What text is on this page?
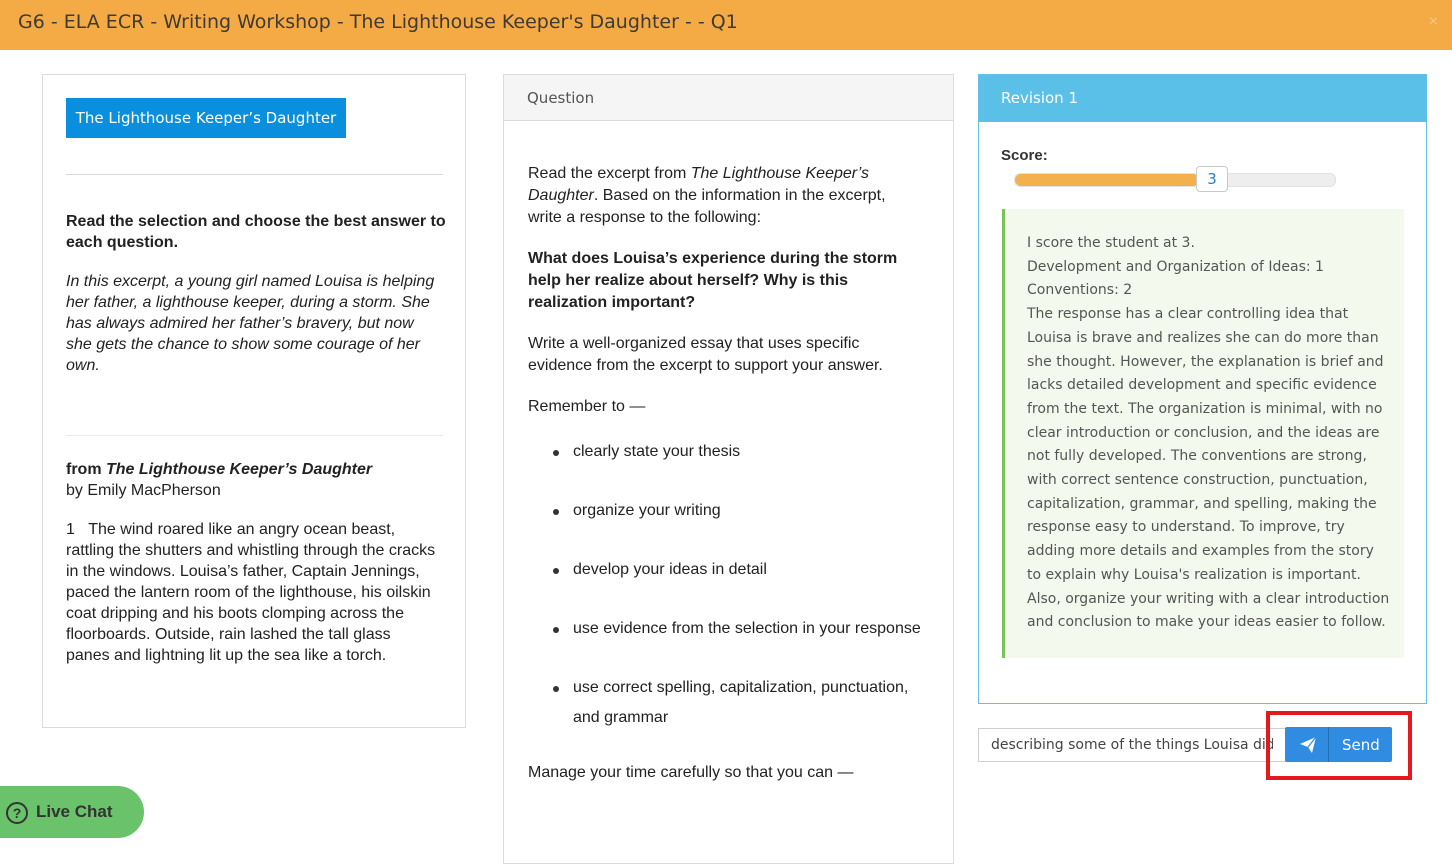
G6 - ELA ECR - Writing Workshop - The Lighthouse Keeper's Daughter - - Q1	×
The Lighthouse Keeper’s Daughter
Read the selection and choose the best answer to each question.
In this excerpt, a young girl named Louisa is helping her father, a lighthouse keeper, during a storm. She has always admired her father’s bravery, but now she gets the chance to show some courage of her own.
from The Lighthouse Keeper’s Daughter
by Emily MacPherson
1 The wind roared like an angry ocean beast, rattling the shutters and whistling through the cracks in the windows. Louisa’s father, Captain Jennings, paced the lantern room of the lighthouse, his oilskin coat dripping and his boots clomping across the floorboards. Outside, rain lashed the tall glass panes and lightning lit up the sea like a torch.
Question

Read the excerpt from The Lighthouse Keeper’s Daughter. Based on the information in the excerpt, write a response to the following:

What does Louisa’s experience during the storm help her realize about herself? Why is this realization important?

Write a well-organized essay that uses specific evidence from the excerpt to support your answer.

Remember to —

clearly state your thesis
organize your writing
develop your ideas in detail
use evidence from the selection in your response
use correct spelling, capitalization, punctuation, and grammar

Manage your time carefully so that you can —

Revision 1
Score:
3
I score the student at 3.
Development and Organization of Ideas: 1
Conventions: 2
The response has a clear controlling idea that
Louisa is brave and realizes she can do more than
she thought. However, the explanation is brief and
lacks detailed development and specific evidence
from the text. The organization is minimal, with no
clear introduction or conclusion, and the ideas are
not fully developed. The conventions are strong,
with correct sentence construction, punctuation,
capitalization, grammar, and spelling, making the
response easy to understand. To improve, try
adding more details and examples from the story
to explain why Louisa's realization is important.
Also, organize your writing with a clear introduction
and conclusion to make your ideas easier to follow.
describing some of the things Louisa did
Send
? Live Chat
